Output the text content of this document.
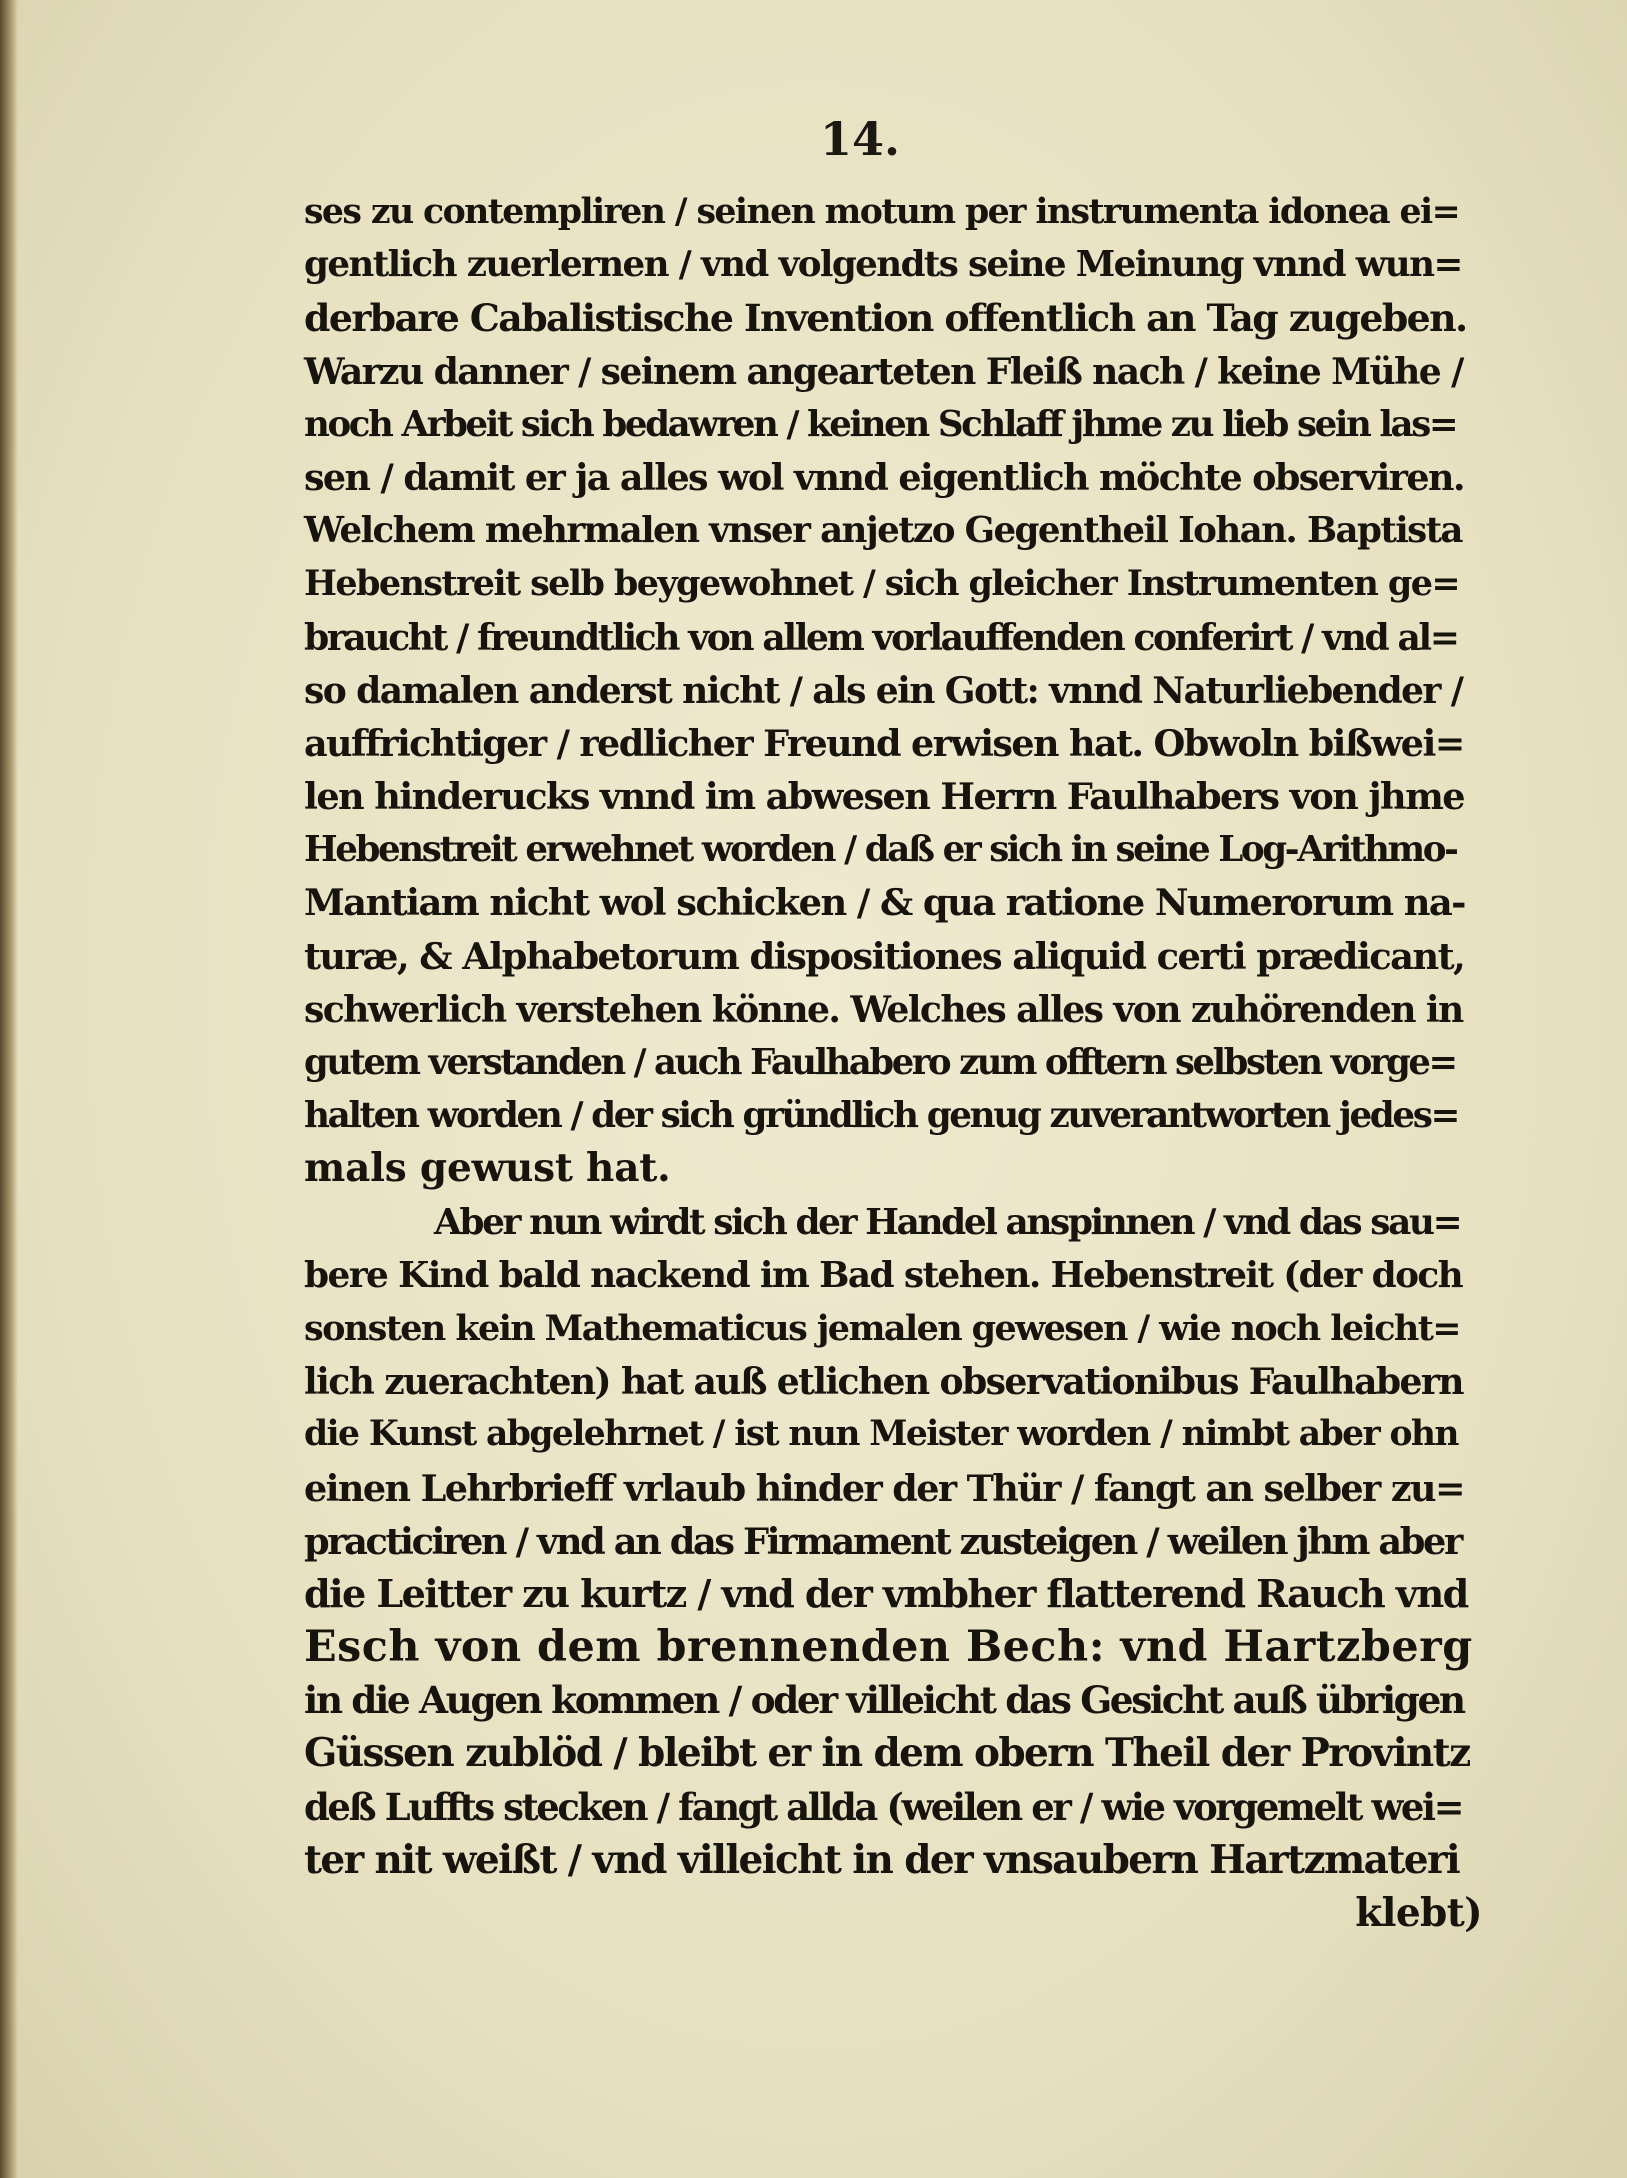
14.
ses zu contempliren / seinen motum per instrumenta idonea ei=
gentlich zuerlernen / vnd volgendts seine Meinung vnnd wun=
derbare Cabalistische Invention offentlich an Tag zugeben.
Warzu danner / seinem angearteten Fleiß nach / keine Mühe /
noch Arbeit sich bedawren / keinen Schlaff jhme zu lieb sein las=
sen / damit er ja alles wol vnnd eigentlich möchte observiren.
Welchem mehrmalen vnser anjetzo Gegentheil Iohan. Baptista
Hebenstreit selb beygewohnet / sich gleicher Instrumenten ge=
braucht / freundtlich von allem vorlauffenden conferirt / vnd al=
so damalen anderst nicht / als ein Gott: vnnd Naturliebender /
auffrichtiger / redlicher Freund erwisen hat. Obwoln bißwei=
len hinderucks vnnd im abwesen Herrn Faulhabers von jhme
Hebenstreit erwehnet worden / daß er sich in seine Log-Arithmo-
Mantiam nicht wol schicken / & qua ratione Numerorum na-
turæ, & Alphabetorum dispositiones aliquid certi prædicant,
schwerlich verstehen könne. Welches alles von zuhörenden in
gutem verstanden / auch Faulhabero zum offtern selbsten vorge=
halten worden / der sich gründlich genug zuverantworten jedes=
mals gewust hat.
Aber nun wirdt sich der Handel anspinnen / vnd das sau=
bere Kind bald nackend im Bad stehen. Hebenstreit (der doch
sonsten kein Mathematicus jemalen gewesen / wie noch leicht=
lich zuerachten) hat auß etlichen observationibus Faulhabern
die Kunst abgelehrnet / ist nun Meister worden / nimbt aber ohn
einen Lehrbrieff vrlaub hinder der Thür / fangt an selber zu=
practiciren / vnd an das Firmament zusteigen / weilen jhm aber
die Leitter zu kurtz / vnd der vmbher flatterend Rauch vnd
Esch von dem brennenden Bech: vnd Hartzberg
in die Augen kommen / oder villeicht das Gesicht auß übrigen
Güssen zublöd / bleibt er in dem obern Theil der Provintz
deß Luffts stecken / fangt allda (weilen er / wie vorgemelt wei=
ter nit weißt / vnd villeicht in der vnsaubern Hartzmateri
klebt)
